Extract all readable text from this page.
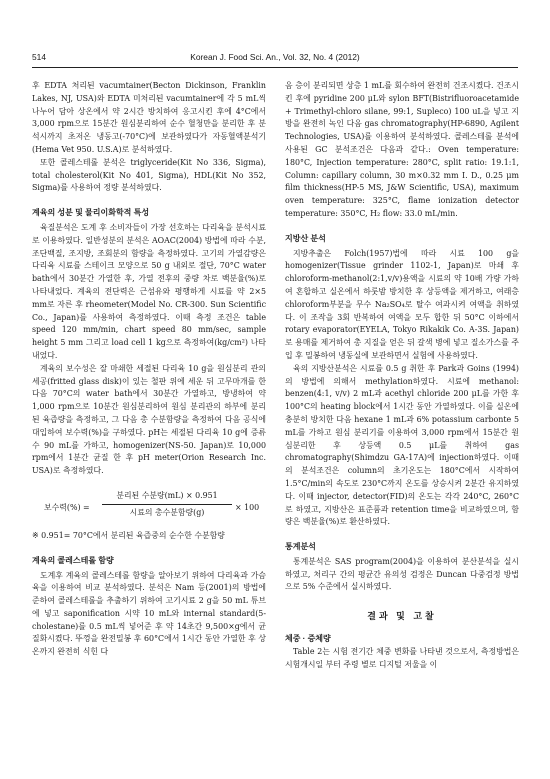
514	Korean J. Food Sci. An., Vol. 32, No. 4 (2012)

후 EDTA 처리된 vacumtainer(Becton Dickinson, Franklin Lakes, NJ, USA)와 EDTA 미처리된 vacumtainer에 각 5 mL씩 나누어 담아 상온에서 약 2시간 방치하여 응고시킨 후에 4°C에서 3,000 rpm으로 15분간 원심분리하여 순수 혈청만을 분리한 후 분석시까지 초저온 냉동고(-70°C)에 보관하였다가 자동혈액분석기(Hema Vet 950. U.S.A)로 분석하였다.

또한 콜레스테롤 분석은 triglyceride(Kit No 336, Sigma), total cholesterol(Kit No 401, Sigma), HDL(Kit No 352, Sigma)를 사용하여 정량 분석하였다.

계육의 성분 및 물리이화학적 특성

육질분석은 도계 후 소비자들이 가장 선호하는 다리육을 분석시료로 이용하였다. 일반성분의 분석은 AOAC(2004) 방법에 따라 수분, 조단백질, 조지방, 조회분의 함량을 측정하였다. 고기의 가열감량은 다리육 시료를 스테이크 모양으로 50 g 내외로 절단, 70°C water bath에서 30분간 가열한 후, 가열 전후의 중량 차로 백분율(%)로 나타내었다. 계육의 전단력은 근섬유와 평행하게 시료를 약 2×5 mm로 자른 후 rheometer(Model No. CR-300. Sun Scientific Co., Japan)를 사용하여 측정하였다. 이때 측정 조건은 table speed 120 mm/min, chart speed 80 mm/sec, sample height 5 mm 그리고 load cell 1 kg으로 측정하여(kg/cm²) 나타내었다.

계육의 보수성은 잘 마쇄한 세절된 다리육 10 g을 원심분리 관의 세공(fritted glass disk)이 있는 철판 위에 세운 뒤 고무마개를 한 다음 70°C의 water bath에서 30분간 가열하고, 방냉하여 약 1,000 rpm으로 10분간 원심분리하여 원심 분리관의 하부에 분리된 육즙량을 측정하고, 그 다음 총 수분함량을 측정하여 다음 공식에 대입하여 보수력(%)을 구하였다. pH는 세절된 다리육 10 g에 증류수 90 mL를 가하고, homogenizer(NS-50. Japan)로 10,000 rpm에서 1분간 균질 한 후 pH meter(Orion Research Inc. USA)로 측정하였다.

보수력(%) =
분리된 수분량(mL) × 0.951
시료의 총수분함량(g)
× 100

※ 0.951= 70°C에서 분리된 육즙중의 순수한 수분함량

계육의 콜레스테롤 함량

도계후 계육의 콜레스테롤 함량을 알아보기 위하여 다리육과 가슴육을 이용하여 비교 분석하였다. 분석은 Nam 등(2001)의 방법에 준하여 콜레스테롤을 추출하기 위하여 고기시료 2 g을 50 mL 튜브에 넣고 saponification 시약 10 mL와 internal standard(5-cholestane)를 0.5 mL씩 넣어준 후 약 14초간 9,500×g에서 균질화시켰다. 뚜껑을 완전밀봉 후 60°C에서 1시간 동안 가열한 후 상온까지 완전히 식힌 다

음 층이 분리되면 상층 1 mL를 회수하여 완전히 건조시켰다. 건조시킨 후에 pyridine 200 μL와 sylon BFT(Bistrifluoroacetamide + Trimethyl-chloro silane, 99:1, Supleco) 100 uL을 넣고 지방을 완전히 녹인 다음 gas chromatography(HP-6890, Agilent Technologies, USA)를 이용하여 분석하였다. 콜레스테롤 분석에 사용된 GC 분석조건은 다음과 같다.: Oven temperature: 180°C, Injection temperature: 280°C, split ratio: 19.1:1, Column: capillary column, 30 m×0.32 mm I. D., 0.25 μm film thickness(HP-5 MS, J&W Scientific, USA), maximum oven temperature: 325°C, flame ionization detector temperature: 350°C, H₂ flow: 33.0 mL/min.

지방산 분석

지방추출은 Folch(1957)법에 따라 시료 100 g을 homogenizer(Tissue grinder 1102-1, Japan)로 마쇄 후 chloroform-methanol(2:1,v/v)용액을 시료의 약 10배 가량 가하여 혼합하고 실온에서 하룻밤 방치한 후 상등액을 제거하고, 여래층 chloroform부분을 무수 Na₂SO₄로 탈수 여과시켜 여액을 취하였다. 이 조작을 3회 반복하여 여액을 모두 합한 뒤 50°C 이하에서 rotary evaporator(EYELA, Tokyo Rikakik Co. A-3S. Japan)로 용매를 제거하여 총 지질을 얻은 뒤 갈색 병에 넣고 질소가스를 주입 후 밀봉하여 냉동실에 보관하면서 실험에 사용하였다.

육의 지방산분석은 시료를 0.5 g 취한 후 Park과 Goins (1994)의 방법에 의해서 methylation하였다. 시료에 methanol: benzen(4:1, v/v) 2 mL과 acethyl chloride 200 μL를 가한 후 100°C의 heating block에서 1시간 동안 가열하였다. 이를 실온에 충분히 방치한 다음 hexane 1 mL과 6% potassium carbonte 5 mL를 가하고 원심 분리기를 이용하여 3,000 rpm에서 15분간 원심분리한 후 상등액 0.5 μL를 취하여 gas chromatography(Shimdzu GA-17A)에 injection하였다. 이때의 분석조건은 column의 초기온도는 180°C에서 시작하여 1.5°C/min의 속도로 230°C까지 온도를 상승시켜 2분간 유지하였다. 이때 injector, detector(FID)의 온도는 각각 240°C, 260°C로 하였고, 지방산은 표준품과 retention time을 비교하였으며, 함량은 백분율(%)로 환산하였다.

통계분석

통계분석은 SAS program(2004)을 이용하여 분산분석을 실시하였고, 처리구 간의 평균간 유의성 검정은 Duncan 다중검정 방법으로 5% 수준에서 실시하였다.

결과 및 고찰
체중 · 증체량

Table 2는 시험 전기간 체중 변화를 나타낸 것으로서, 측정방법은 시험개시일 부터 주령 별로 디지털 저울을 이
